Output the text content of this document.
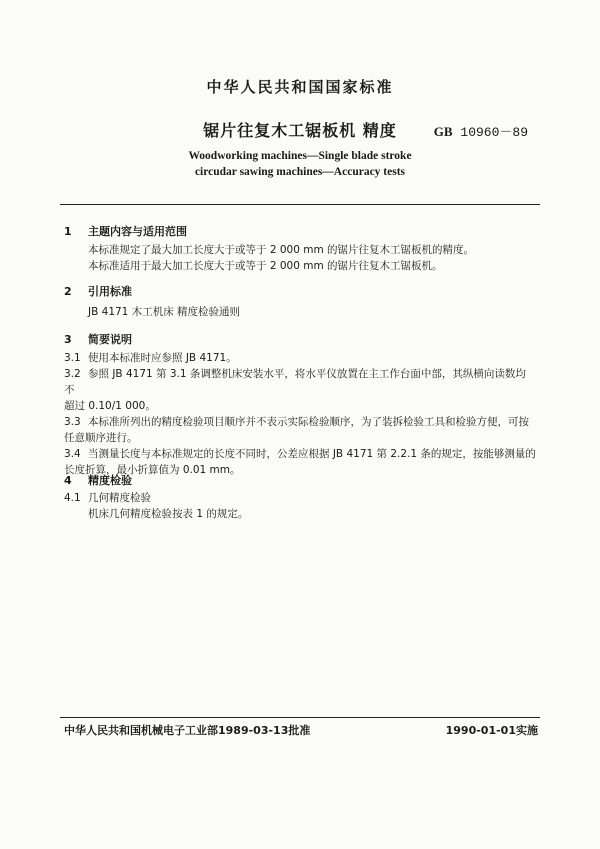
中华人民共和国国家标准
锯片往复木工锯板机 精度	GB 10960－89
Woodworking machines—Single blade stroke
circudar sawing machines—Accuracy tests
1 主题内容与适用范围
本标准规定了最大加工长度大于或等于 2 000 mm 的锯片往复木工锯板机的精度。
本标准适用于最大加工长度大于或等于 2 000 mm 的锯片往复木工锯板机。
2 引用标准
JB 4171 木工机床 精度检验通则
3 简要说明
3.1 使用本标准时应参照 JB 4171。
3.2 参照 JB 4171 第 3.1 条调整机床安装水平，将水平仪放置在主工作台面中部，其纵横向读数均不
超过 0.10/1 000。
3.3 本标准所列出的精度检验项目顺序并不表示实际检验顺序，为了装拆检验工具和检验方便，可按
任意顺序进行。
3.4 当测量长度与本标准规定的长度不同时，公差应根据 JB 4171 第 2.2.1 条的规定，按能够测量的
长度折算，最小折算值为 0.01 mm。
4 精度检验
4.1 几何精度检验
机床几何精度检验按表 1 的规定。
中华人民共和国机械电子工业部1989-03-13批准	1990-01-01实施
